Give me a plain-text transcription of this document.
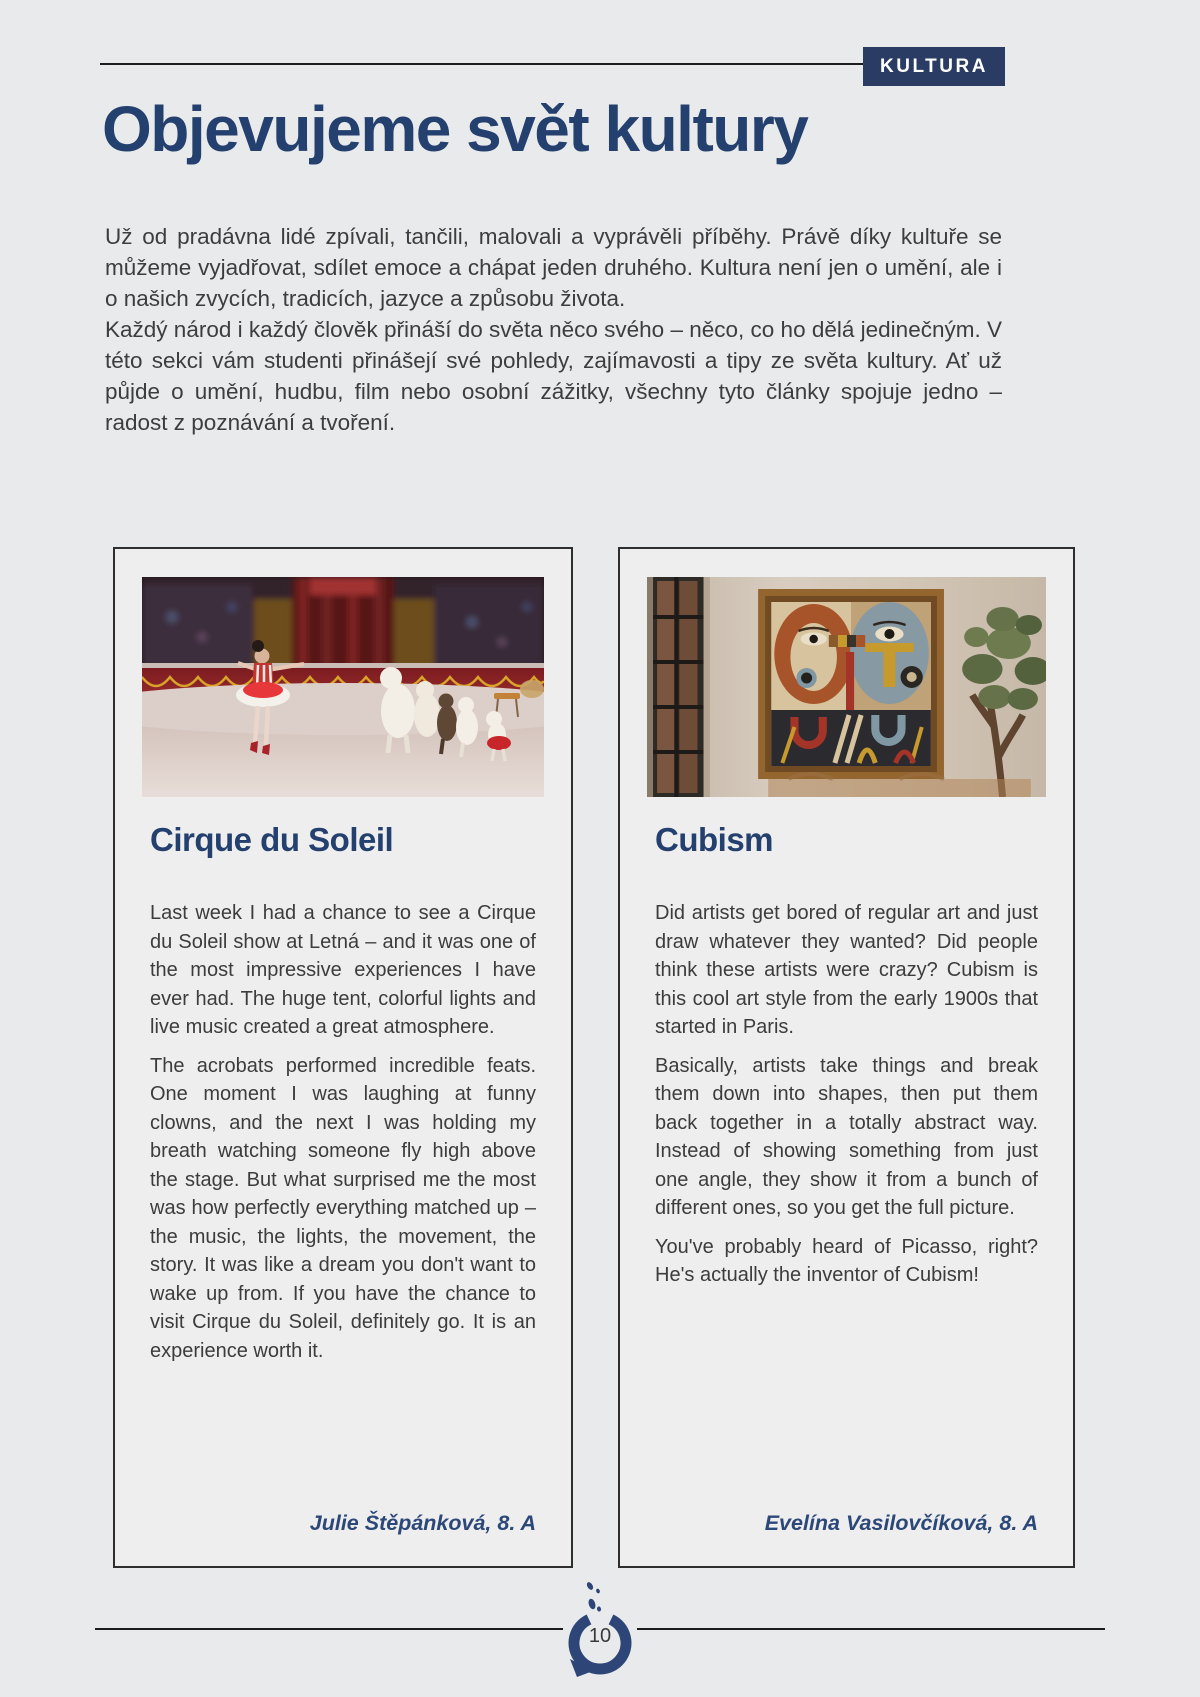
KULTURA
Objevujeme svět kultury

Už od pradávna lidé zpívali, tančili, malovali a vyprávěli příběhy. Právě díky kultuře se můžeme vyjadřovat, sdílet emoce a chápat jeden druhého. Kultura není jen o umění, ale i o našich zvycích, tradicích, jazyce a způsobu života.

Každý národ i každý člověk přináší do světa něco svého – něco, co ho dělá jedinečným. V této sekci vám studenti přinášejí své pohledy, zajímavosti a tipy ze světa kultury. Ať už půjde o umění, hudbu, film nebo osobní zážitky, všechny tyto články spojuje jedno – radost z poznávání a tvoření.

Cirque du Soleil

Last week I had a chance to see a Cirque du Soleil show at Letná – and it was one of the most impressive experiences I have ever had. The huge tent, colorful lights and live music created a great atmosphere.

The acrobats performed incredible feats. One moment I was laughing at funny clowns, and the next I was holding my breath watching someone fly high above the stage. But what surprised me the most was how perfectly everything matched up – the music, the lights, the movement, the story. It was like a dream you don't want to wake up from. If you have the chance to visit Cirque du Soleil, definitely go. It is an experience worth it.

Julie Štěpánková, 8. A
Cubism

Did artists get bored of regular art and just draw whatever they wanted? Did people think these artists were crazy? Cubism is this cool art style from the early 1900s that started in Paris.

Basically, artists take things and break them down into shapes, then put them back together in a totally abstract way. Instead of showing something from just one angle, they show it from a bunch of different ones, so you get the full picture.

You've probably heard of Picasso, right? He's actually the inventor of Cubism!

Evelína Vasilovčíková, 8. A
10
